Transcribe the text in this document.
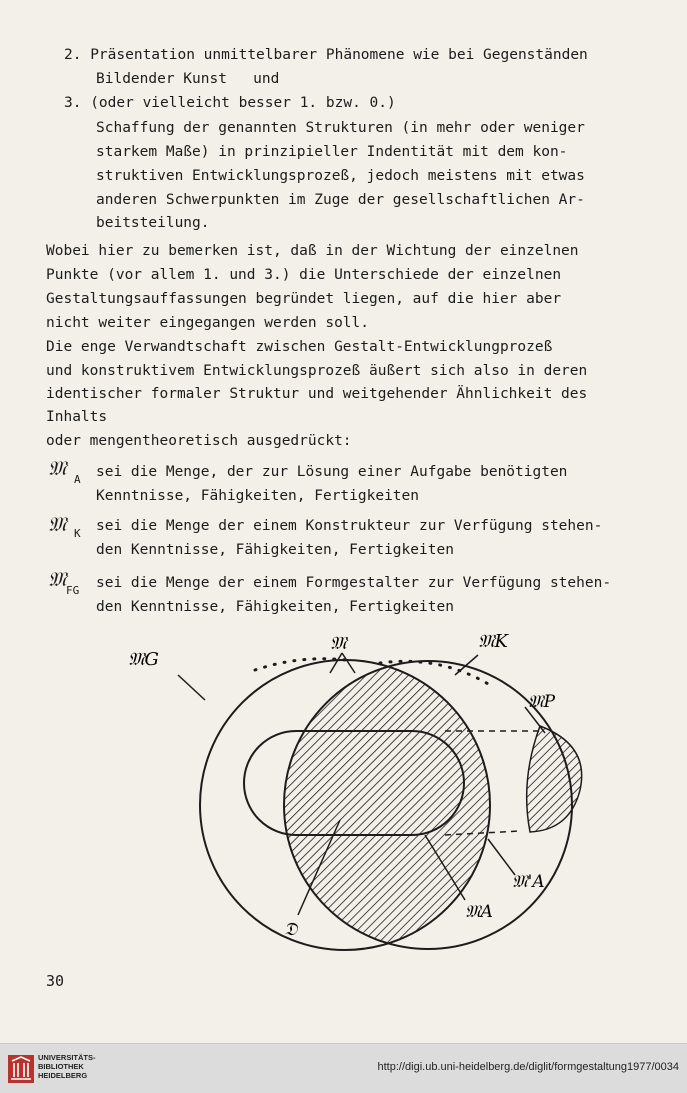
2. Präsentation unmittelbarer Phänomene wie bei Gegenständen
Bildender Kunst   und
3. (oder vielleicht besser 1. bzw. 0.)
Schaffung der genannten Strukturen (in mehr oder weniger
starkem Maße) in prinzipieller Indentität mit dem kon-
struktiven Entwicklungsprozeß, jedoch meistens mit etwas
anderen Schwerpunkten im Zuge der gesellschaftlichen Ar-
beitsteilung.
Wobei hier zu bemerken ist, daß in der Wichtung der einzelnen
Punkte (vor allem 1. und 3.) die Unterschiede der einzelnen
Gestaltungsauffassungen begründet liegen, auf die hier aber
nicht weiter eingegangen werden soll.
Die enge Verwandtschaft zwischen Gestalt-Entwicklungprozeß
und konstruktivem Entwicklungsprozeß äußert sich also in deren
identischer formaler Struktur und weitgehender Ähnlichkeit des
Inhalts
oder mengentheoretisch ausgedrückt:
𝔐 A sei die Menge, der zur Lösung einer Aufgabe benötigten
Kenntnisse, Fähigkeiten, Fertigkeiten
𝔐 K sei die Menge der einem Konstrukteur zur Verfügung stehen-
den Kenntnisse, Fähigkeiten, Fertigkeiten
𝔐 FG sei die Menge der einem Formgestalter zur Verfügung stehen-
den Kenntnisse, Fähigkeiten, Fertigkeiten
𝔐G
𝔐	𝔐K
𝔐P
𝔐'A
𝔐A
𝔇
30
UNIVERSITÄTS-
BIBLIOTHEK
HEIDELBERG
http://digi.ub.uni-heidelberg.de/diglit/formgestaltung1977/0034
